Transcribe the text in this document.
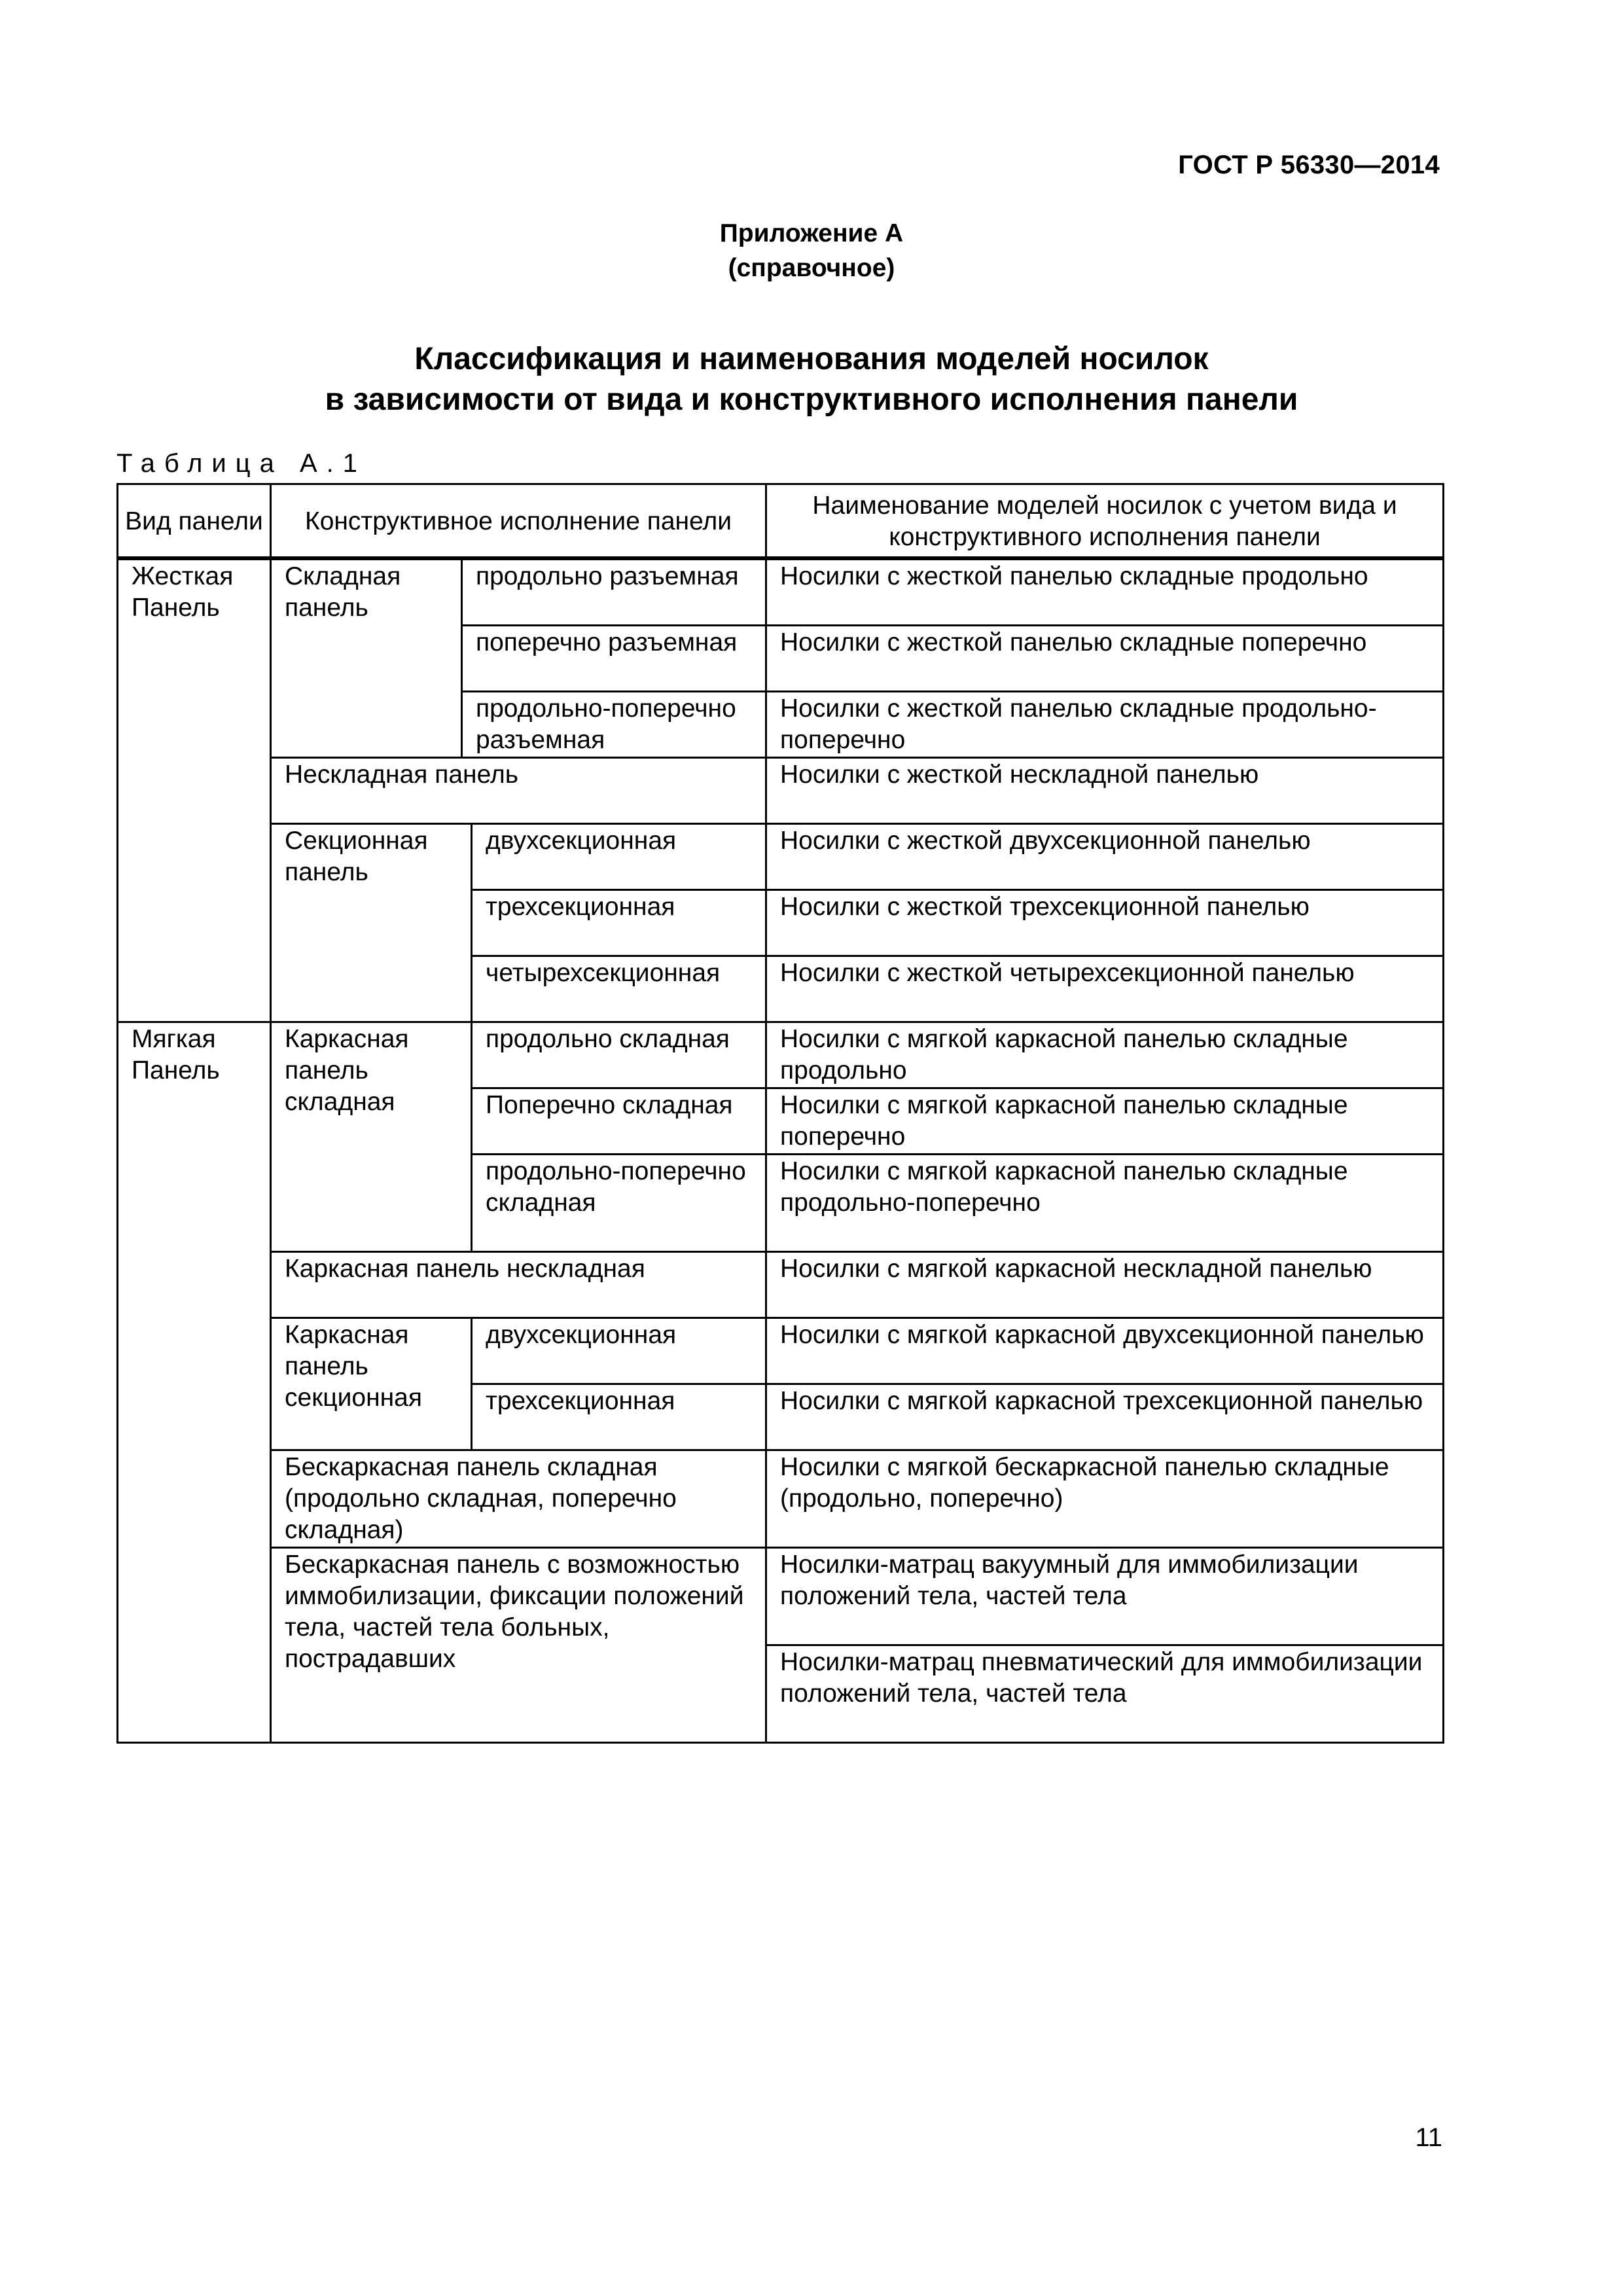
ГОСТ Р 56330—2014
Приложение А
(справочное)
Классификация и наименования моделей носилок
в зависимости от вида и конструктивного исполнения панели
Таблица А.1
Вид панели	Конструктивное исполнение панели			Наименование моделей носилок с учетом вида и конструктивного исполнения панели
Жесткая Панель	Складная панель	продольно разъемная		Носилки с жесткой панелью складные продольно
		поперечно разъемная		Носилки с жесткой панелью складные поперечно
		продольно-поперечно разъемная		Носилки с жесткой панелью складные продольно-поперечно
	Нескладная панель			Носилки с жесткой нескладной панелью
	Секционная панель		двухсекционная	Носилки с жесткой двухсекционной панелью
			трехсекционная	Носилки с жесткой трехсекционной панелью
			четырехсекционная	Носилки с жесткой четырехсекционной панелью
Мягкая Панель	Каркасная панель складная		продольно складная	Носилки с мягкой каркасной панелью складные продольно
			Поперечно складная	Носилки с мягкой каркасной панелью складные поперечно
			продольно-поперечно складная	Носилки с мягкой каркасной панелью складные продольно-поперечно
	Каркасная панель нескладная			Носилки с мягкой каркасной нескладной панелью
	Каркасная панель секционная		двухсекционная	Носилки с мягкой каркасной двухсекционной панелью
			трехсекционная	Носилки с мягкой каркасной трехсекционной панелью
	Бескаркасная панель складная (продольно складная, поперечно складная)			Носилки с мягкой бескаркасной панелью складные (продольно, поперечно)
	Бескаркасная панель с возможностью иммобилизации, фиксации положений тела, частей тела больных, пострадавших			Носилки-матрац вакуумный для иммобилизации положений тела, частей тела
				Носилки-матрац пневматический для иммобилизации положений тела, частей тела
11
